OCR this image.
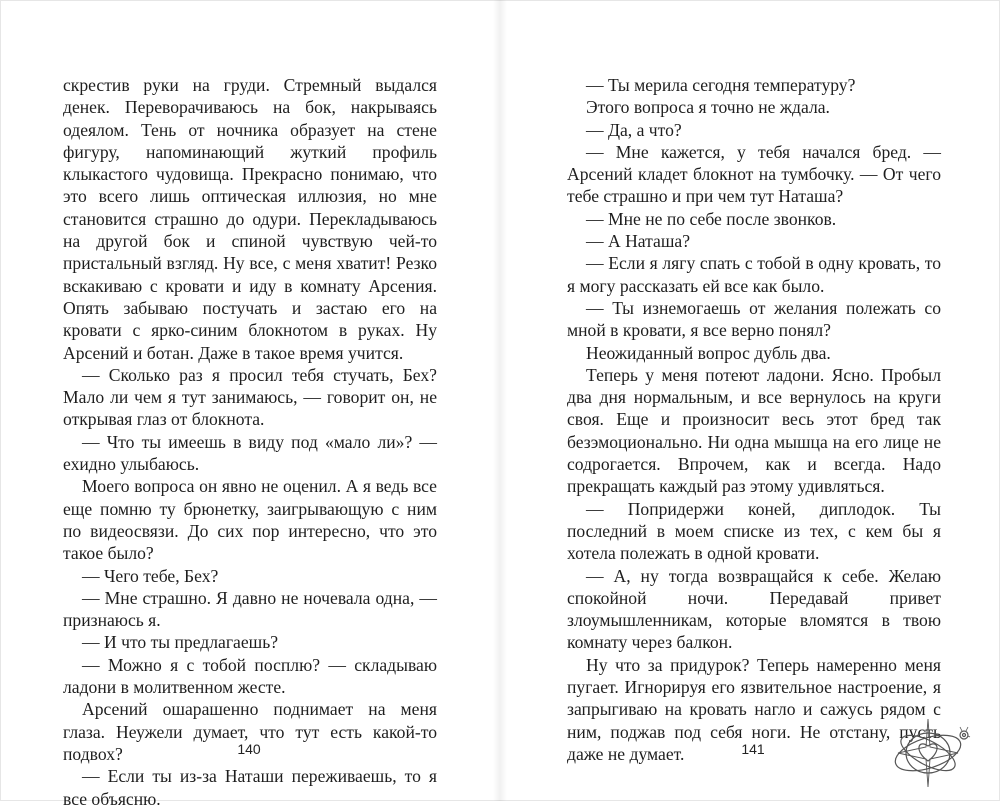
скрестив руки на груди. Стремный выдался денек. Переворачиваюсь на бок, накрываясь одеялом. Тень от ночника образует на стене фигуру, напоминающий жуткий профиль клыкастого чудовища. Прекрасно понимаю, что это всего лишь оптическая иллюзия, но мне становится страшно до одури. Перекладываюсь на другой бок и спиной чувствую чей-то пристальный взгляд. Ну все, с меня хватит! Резко вскакиваю с кровати и иду в комнату Арсения. Опять забываю постучать и застаю его на кровати с ярко-синим блокнотом в руках. Ну Арсений и ботан. Даже в такое время учится.

— Сколько раз я просил тебя стучать, Бех? Мало ли чем я тут занимаюсь, — говорит он, не открывая глаз от блокнота.

— Что ты имеешь в виду под «мало ли»? — ехидно улыбаюсь.

Моего вопроса он явно не оценил. А я ведь все еще помню ту брюнетку, заигрывающую с ним по видеосвязи. До сих пор интересно, что это такое было?

— Чего тебе, Бех?

— Мне страшно. Я давно не ночевала одна, — признаюсь я.

— И что ты предлагаешь?

— Можно я с тобой посплю? — складываю ладони в молитвенном жесте.

Арсений ошарашенно поднимает на меня глаза. Неужели думает, что тут есть какой-то подвох?

— Если ты из-за Наташи переживаешь, то я все объясню.

— Ты мерила сегодня температуру?

Этого вопроса я точно не ждала.

— Да, а что?

— Мне кажется, у тебя начался бред. — Арсений кладет блокнот на тумбочку. — От чего тебе страшно и при чем тут Наташа?

— Мне не по себе после звонков.

— А Наташа?

— Если я лягу спать с тобой в одну кровать, то я могу рассказать ей все как было.

— Ты изнемогаешь от желания полежать со мной в кровати, я все верно понял?

Неожиданный вопрос дубль два.

Теперь у меня потеют ладони. Ясно. Пробыл два дня нормальным, и все вернулось на круги своя. Еще и произносит весь этот бред так безэмоционально. Ни одна мышца на его лице не содрогается. Впрочем, как и всегда. Надо прекращать каждый раз этому удивляться.

— Попридержи коней, диплодок. Ты последний в моем списке из тех, с кем бы я хотела полежать в одной кровати.

— А, ну тогда возвращайся к себе. Желаю спокойной ночи. Передавай привет злоумышленникам, которые вломятся в твою комнату через балкон.

Ну что за придурок? Теперь намеренно меня пугает. Игнорируя его язвительное настроение, я запрыгиваю на кровать нагло и сажусь рядом с ним, поджав под себя ноги. Не отстану, пусть даже не думает.

140	141
